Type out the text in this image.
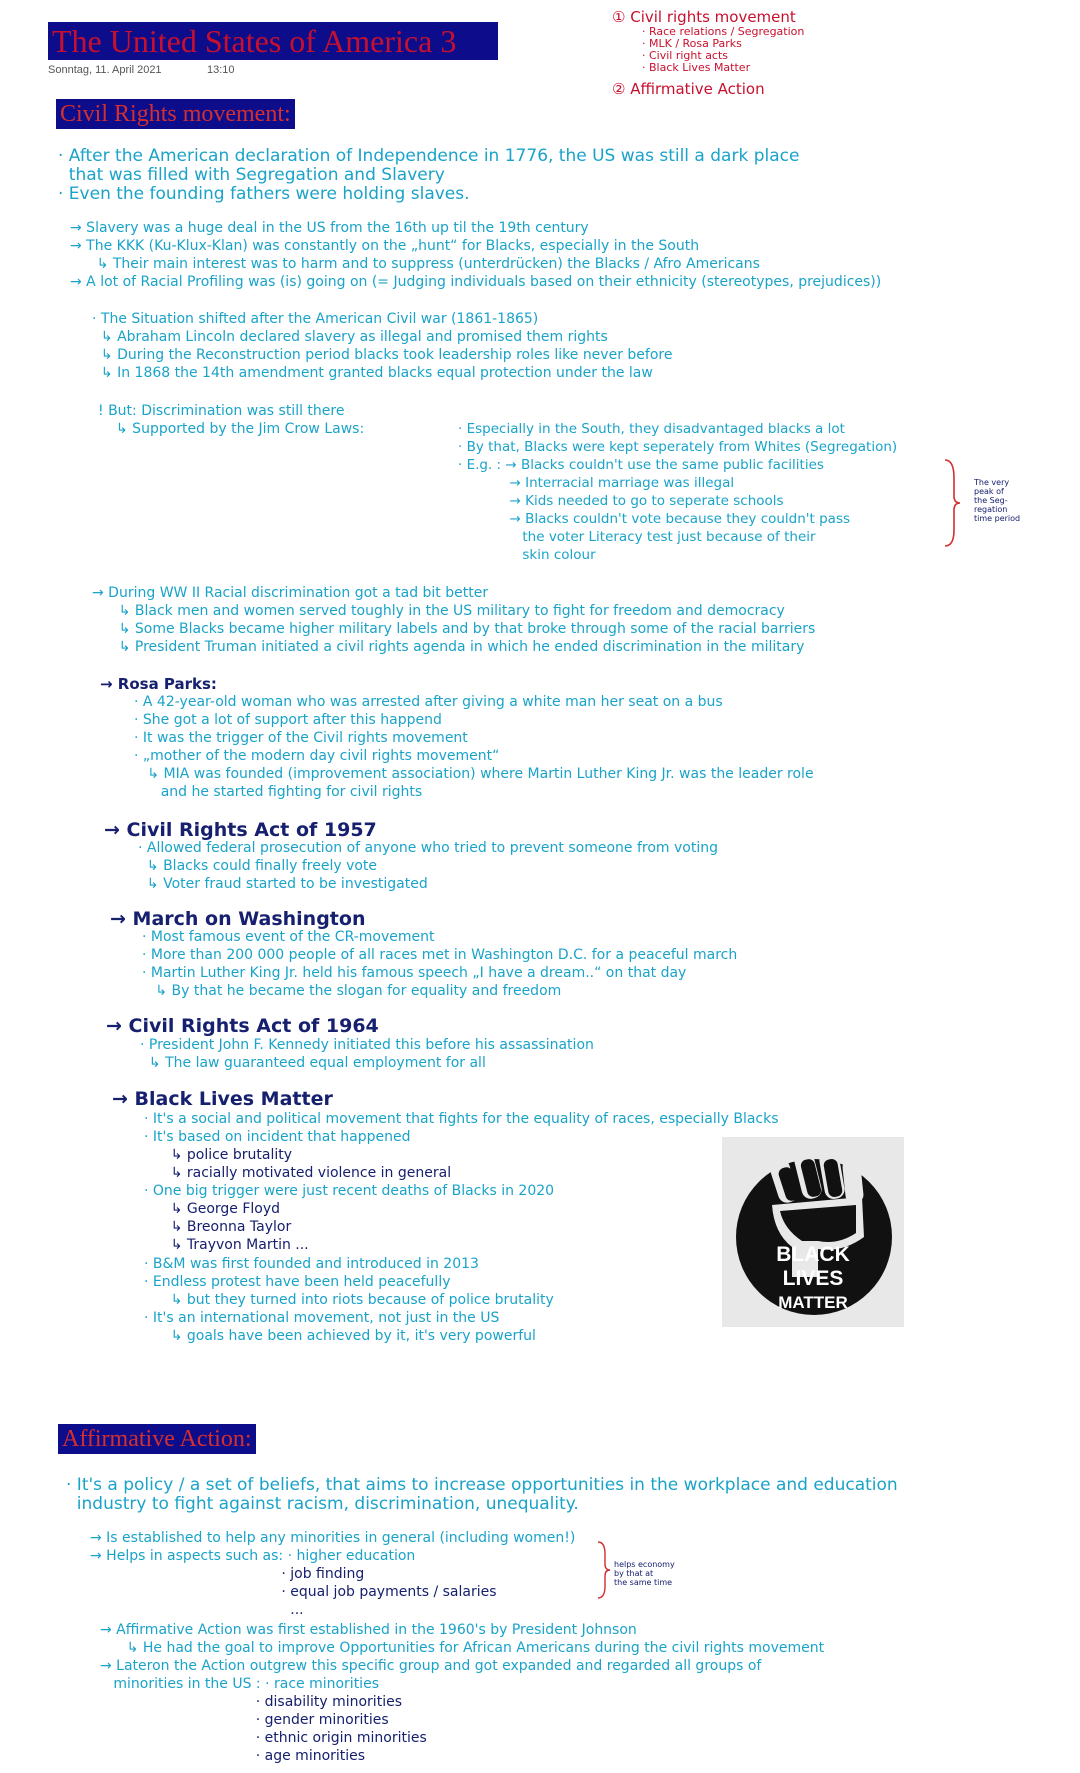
The United States of America 3
Sonntag, 11. April 2021	13:10
① Civil rights movement
· Race relations / Segregation
· MLK / Rosa Parks
· Civil right acts
· Black Lives Matter
② Affirmative Action
Civil Rights movement:
· After the American declaration of Independence in 1776, the US was still a dark place
that was filled with Segregation and Slavery
· Even the founding fathers were holding slaves.
→ Slavery was a huge deal in the US from the 16th up til the 19th century
→ The KKK (Ku-Klux-Klan) was constantly on the „hunt“ for Blacks, especially in the South
↳ Their main interest was to harm and to suppress (unterdrücken) the Blacks / Afro Americans
→ A lot of Racial Profiling was (is) going on (= Judging individuals based on their ethnicity (stereotypes, prejudices))
· The Situation shifted after the American Civil war (1861-1865)
↳ Abraham Lincoln declared slavery as illegal and promised them rights
↳ During the Reconstruction period blacks took leadership roles like never before
↳ In 1868 the 14th amendment granted blacks equal protection under the law
! But: Discrimination was still there
↳ Supported by the Jim Crow Laws:	· Especially in the South, they disadvantaged blacks a lot
· By that, Blacks were kept seperately from Whites (Segregation)
· E.g. : → Blacks couldn't use the same public facilities
→ Interracial marriage was illegal
→ Kids needed to go to seperate schools
→ Blacks couldn't vote because they couldn't pass
the voter Literacy test just because of their
skin colour
The very
peak of
the Seg-
regation
time period
→ During WW II Racial discrimination got a tad bit better
↳ Black men and women served toughly in the US military to fight for freedom and democracy
↳ Some Blacks became higher military labels and by that broke through some of the racial barriers
↳ President Truman initiated a civil rights agenda in which he ended discrimination in the military
→ Rosa Parks:
· A 42-year-old woman who was arrested after giving a white man her seat on a bus
· She got a lot of support after this happend
· It was the trigger of the Civil rights movement
· „mother of the modern day civil rights movement“
↳ MIA was founded (improvement association) where Martin Luther King Jr. was the leader role
and he started fighting for civil rights
→ Civil Rights Act of 1957
· Allowed federal prosecution of anyone who tried to prevent someone from voting
↳ Blacks could finally freely vote
↳ Voter fraud started to be investigated
→ March on Washington
· Most famous event of the CR-movement
· More than 200 000 people of all races met in Washington D.C. for a peaceful march
· Martin Luther King Jr. held his famous speech „I have a dream..“ on that day
↳ By that he became the slogan for equality and freedom
→ Civil Rights Act of 1964
· President John F. Kennedy initiated this before his assassination
↳ The law guaranteed equal employment for all
→ Black Lives Matter
· It's a social and political movement that fights for the equality of races, especially Blacks
· It's based on incident that happened
↳ police brutality
↳ racially motivated violence in general
· One big trigger were just recent deaths of Blacks in 2020
↳ George Floyd
↳ Breonna Taylor
↳ Trayvon Martin ...
· B&M was first founded and introduced in 2013
· Endless protest have been held peacefully
↳ but they turned into riots because of police brutality
· It's an international movement, not just in the US
↳ goals have been achieved by it, it's very powerful
BLACK
LIVES
MATTER
Affirmative Action:
· It's a policy / a set of beliefs, that aims to increase opportunities in the workplace and education
industry to fight against racism, discrimination, unequality.
→ Is established to help any minorities in general (including women!)
→ Helps in aspects such as: · higher education
· job finding
· equal job payments / salaries
...
helps economy
by that at
the same time
→ Affirmative Action was first established in the 1960's by President Johnson
↳ He had the goal to improve Opportunities for African Americans during the civil rights movement
→ Lateron the Action outgrew this specific group and got expanded and regarded all groups of
minorities in the US : · race minorities
· disability minorities
· gender minorities
· ethnic origin minorities
· age minorities
